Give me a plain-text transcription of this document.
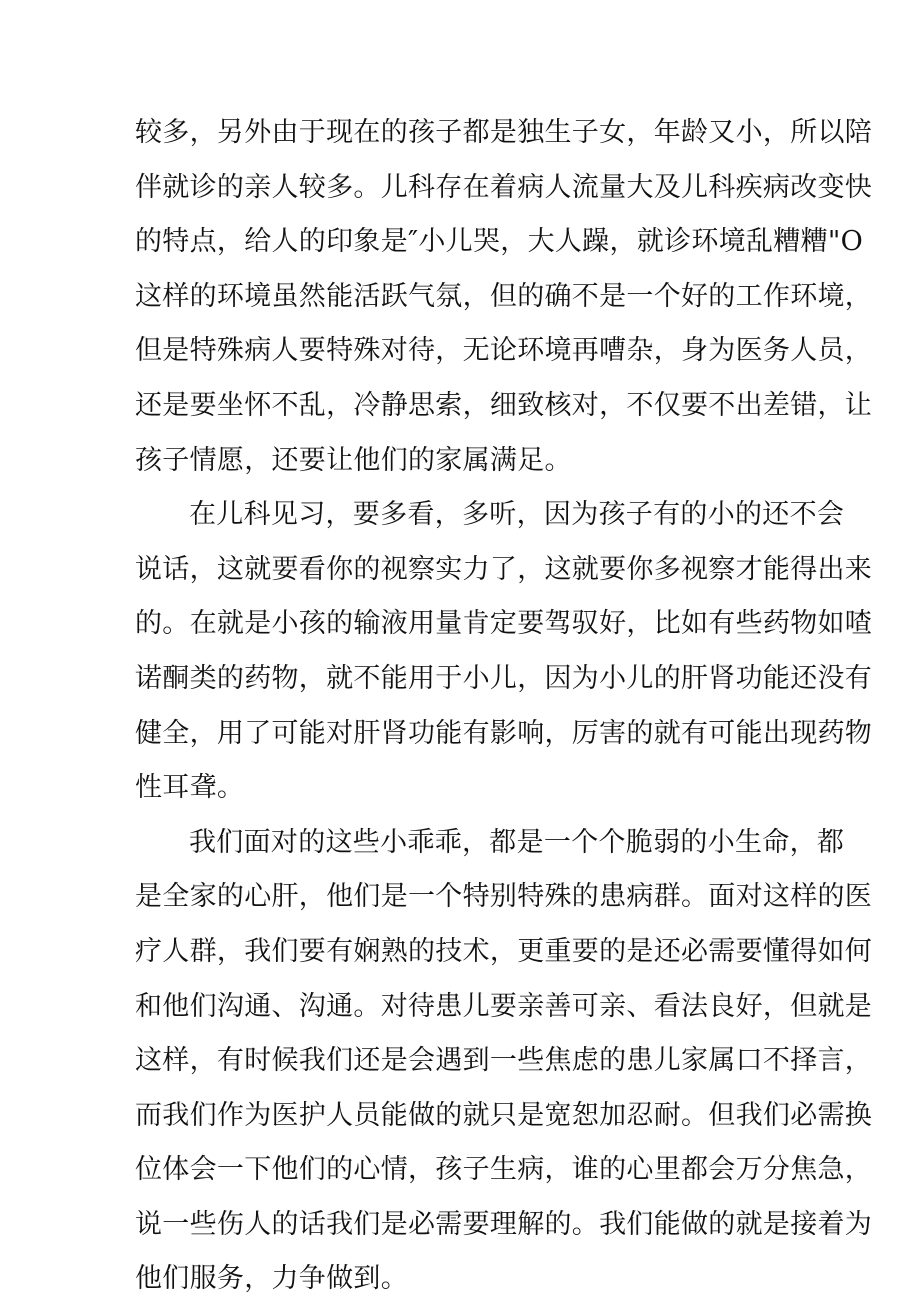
较多，另外由于现在的孩子都是独生子女，年龄又小，所以陪
伴就诊的亲人较多。儿科存在着病人流量大及儿科疾病改变快
的特点，给人的印象是″小儿哭，大人躁，就诊环境乱糟糟"O
这样的环境虽然能活跃气氛，但的确不是一个好的工作环境，
但是特殊病人要特殊对待，无论环境再嘈杂，身为医务人员，
还是要坐怀不乱，冷静思索，细致核对，不仅要不出差错，让
孩子情愿，还要让他们的家属满足。

在儿科见习，要多看，多听，因为孩子有的小的还不会
说话，这就要看你的视察实力了，这就要你多视察才能得出来
的。在就是小孩的输液用量肯定要驾驭好，比如有些药物如喳
诺酮类的药物，就不能用于小儿，因为小儿的肝肾功能还没有
健全，用了可能对肝肾功能有影响，厉害的就有可能出现药物
性耳聋。

我们面对的这些小乖乖，都是一个个脆弱的小生命，都
是全家的心肝，他们是一个特别特殊的患病群。面对这样的医
疗人群，我们要有娴熟的技术，更重要的是还必需要懂得如何
和他们沟通、沟通。对待患儿要亲善可亲、看法良好，但就是
这样，有时候我们还是会遇到一些焦虑的患儿家属口不择言，
而我们作为医护人员能做的就只是宽恕加忍耐。但我们必需换
位体会一下他们的心情，孩子生病，谁的心里都会万分焦急，
说一些伤人的话我们是必需要理解的。我们能做的就是接着为
他们服务，力争做到。
